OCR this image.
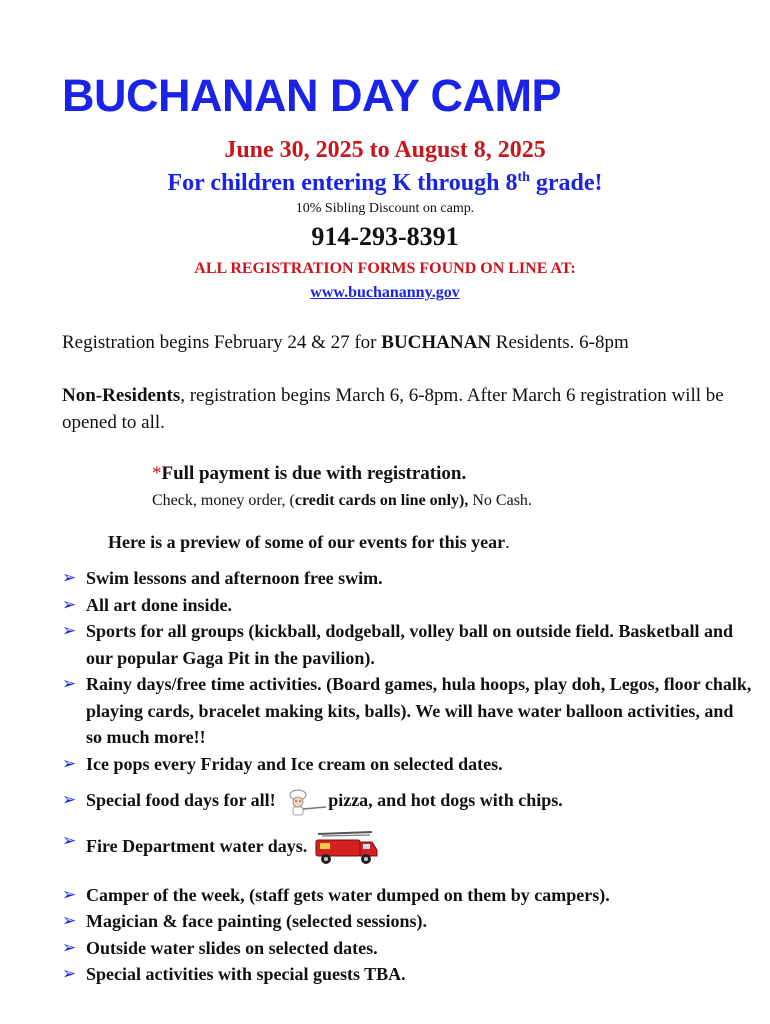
BUCHANAN DAY CAMP
June 30, 2025 to August 8, 2025
For children entering K through 8th grade!
10% Sibling Discount on camp.
914-293-8391
ALL REGISTRATION FORMS FOUND ON LINE AT:
www.buchananny.gov

Registration begins February 24 & 27 for BUCHANAN Residents. 6-8pm

Non-Residents, registration begins March 6, 6-8pm. After March 6 registration will be opened to all.

*Full payment is due with registration.
Check, money order, (credit cards on line only), No Cash.
Here is a preview of some of our events for this year.
➢ Swim lessons and afternoon free swim.
➢ All art done inside.
➢ Sports for all groups (kickball, dodgeball, volley ball on outside field. Basketball and our popular Gaga Pit in the pavilion).
➢ Rainy days/free time activities. (Board games, hula hoops, play doh, Legos, floor chalk, playing cards, bracelet making kits, balls). We will have water balloon activities, and so much more!!
➢ Ice pops every Friday and Ice cream on selected dates.
➢ Special food days for all!	pizza, and hot dogs with chips.
➢ Fire Department water days.
➢ Camper of the week, (staff gets water dumped on them by campers).
➢ Magician & face painting (selected sessions).
➢ Outside water slides on selected dates.
➢ Special activities with special guests TBA.
